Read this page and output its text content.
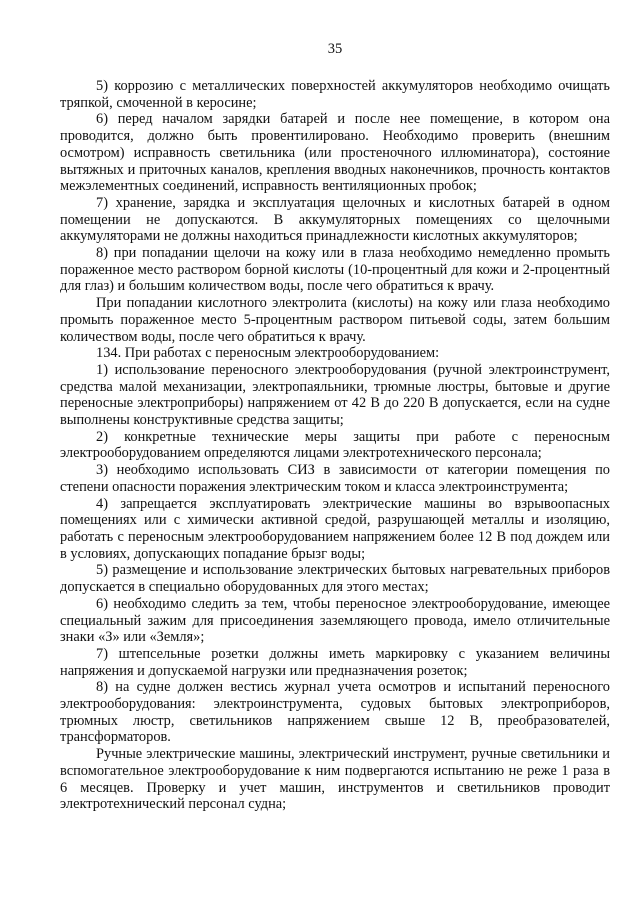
35

5) коррозию с металлических поверхностей аккумуляторов необходимо очищать тряпкой, смоченной в керосине;

6) перед началом зарядки батарей и после нее помещение, в котором она проводится, должно быть провентилировано. Необходимо проверить (внешним осмотром) исправность светильника (или простеночного иллюминатора), состояние вытяжных и приточных каналов, крепления вводных наконечников, прочность контактов межэлементных соединений, исправность вентиляционных пробок;

7) хранение, зарядка и эксплуатация щелочных и кислотных батарей в одном помещении не допускаются. В аккумуляторных помещениях со щелочными аккумуляторами не должны находиться принадлежности кислотных аккумуляторов;

8) при попадании щелочи на кожу или в глаза необходимо немедленно промыть пораженное место раствором борной кислоты (10-процентный для кожи и 2-процентный для глаз) и большим количеством воды, после чего обратиться к врачу.

При попадании кислотного электролита (кислоты) на кожу или глаза необходимо промыть пораженное место 5-процентным раствором питьевой соды, затем большим количеством воды, после чего обратиться к врачу.

134. При работах с переносным электрооборудованием:

1) использование переносного электрооборудования (ручной электроинструмент, средства малой механизации, электропаяльники, трюмные люстры, бытовые и другие переносные электроприборы) напряжением от 42 В до 220 В допускается, если на судне выполнены конструктивные средства защиты;

2) конкретные технические меры защиты при работе с переносным электрооборудованием определяются лицами электротехнического персонала;

3) необходимо использовать СИЗ в зависимости от категории помещения по степени опасности поражения электрическим током и класса электроинструмента;

4) запрещается эксплуатировать электрические машины во взрывоопасных помещениях или с химически активной средой, разрушающей металлы и изоляцию, работать с переносным электрооборудованием напряжением более 12 В под дождем или в условиях, допускающих попадание брызг воды;

5) размещение и использование электрических бытовых нагревательных приборов допускается в специально оборудованных для этого местах;

6) необходимо следить за тем, чтобы переносное электрооборудование, имеющее специальный зажим для присоединения заземляющего провода, имело отличительные знаки «З» или «Земля»;

7) штепсельные розетки должны иметь маркировку с указанием величины напряжения и допускаемой нагрузки или предназначения розеток;

8) на судне должен вестись журнал учета осмотров и испытаний переносного электрооборудования: электроинструмента, судовых бытовых электроприборов, трюмных люстр, светильников напряжением свыше 12 В, преобразователей, трансформаторов.

Ручные электрические машины, электрический инструмент, ручные светильники и вспомогательное электрооборудование к ним подвергаются испытанию не реже 1 раза в 6 месяцев. Проверку и учет машин, инструментов и светильников проводит электротехнический персонал судна;
